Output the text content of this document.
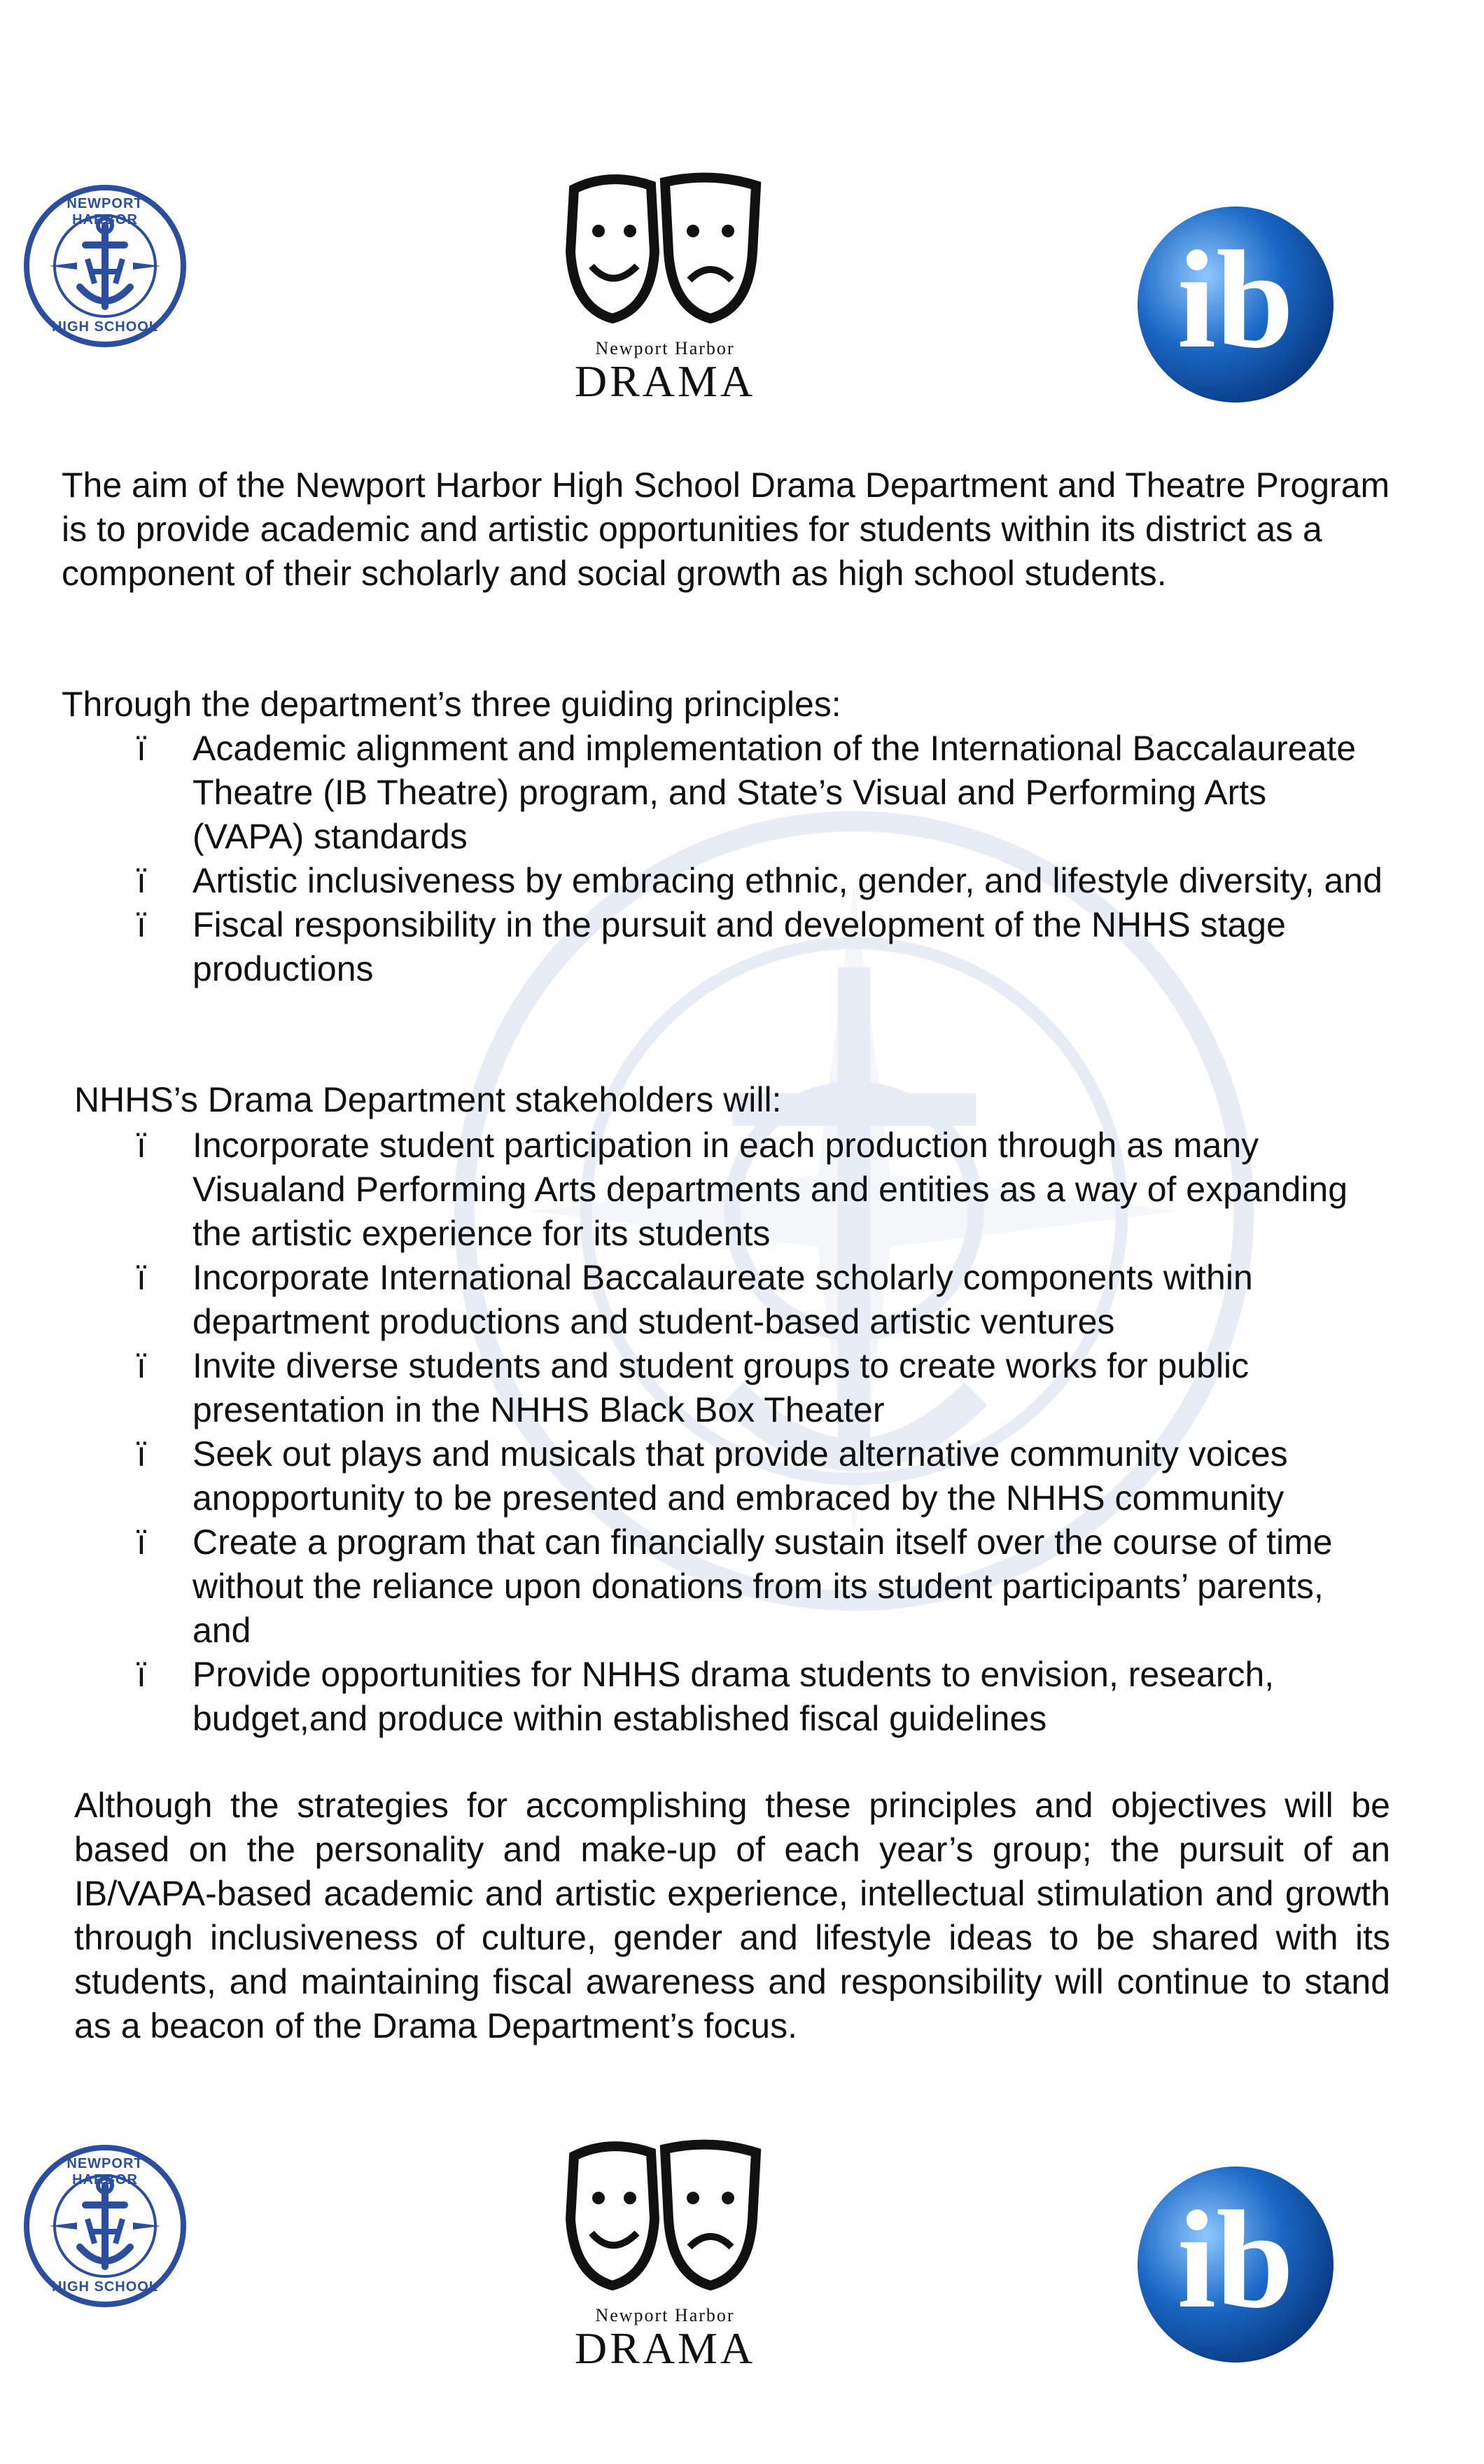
NEWPORT HARBOR
HIGH SCHOOL
Newport Harbor
DRAMA
ib

The aim of the Newport Harbor High School Drama Department and Theatre Program is to provide academic and artistic opportunities for students within its district as a component of their scholarly and social growth as high school students.

Through the department’s three guiding principles:

ï Academic alignment and implementation of the International Baccalaureate Theatre (IB Theatre) program, and State’s Visual and Performing Arts (VAPA) standards
ï Artistic inclusiveness by embracing ethnic, gender, and lifestyle diversity, and
ï Fiscal responsibility in the pursuit and development of the NHHS stage productions

NHHS’s Drama Department stakeholders will:

ï Incorporate student participation in each production through as many Visualand Performing Arts departments and entities as a way of expanding the artistic experience for its students
ï Incorporate International Baccalaureate scholarly components within department productions and student-based artistic ventures
ï Invite diverse students and student groups to create works for public presentation in the NHHS Black Box Theater
ï Seek out plays and musicals that provide alternative community voices anopportunity to be presented and embraced by the NHHS community
ï Create a program that can financially sustain itself over the course of time without the reliance upon donations from its student participants’ parents, and
ï Provide opportunities for NHHS drama students to envision, research, budget,and produce within established fiscal guidelines

Although the strategies for accomplishing these principles and objectives will be based on the personality and make-up of each year’s group; the pursuit of an IB/VAPA-based academic and artistic experience, intellectual stimulation and growth through inclusiveness of culture, gender and lifestyle ideas to be shared with its students, and maintaining fiscal awareness and responsibility will continue to stand as a beacon of the Drama Department’s focus.

NEWPORT HARBOR
HIGH SCHOOL
Newport Harbor
DRAMA
ib
